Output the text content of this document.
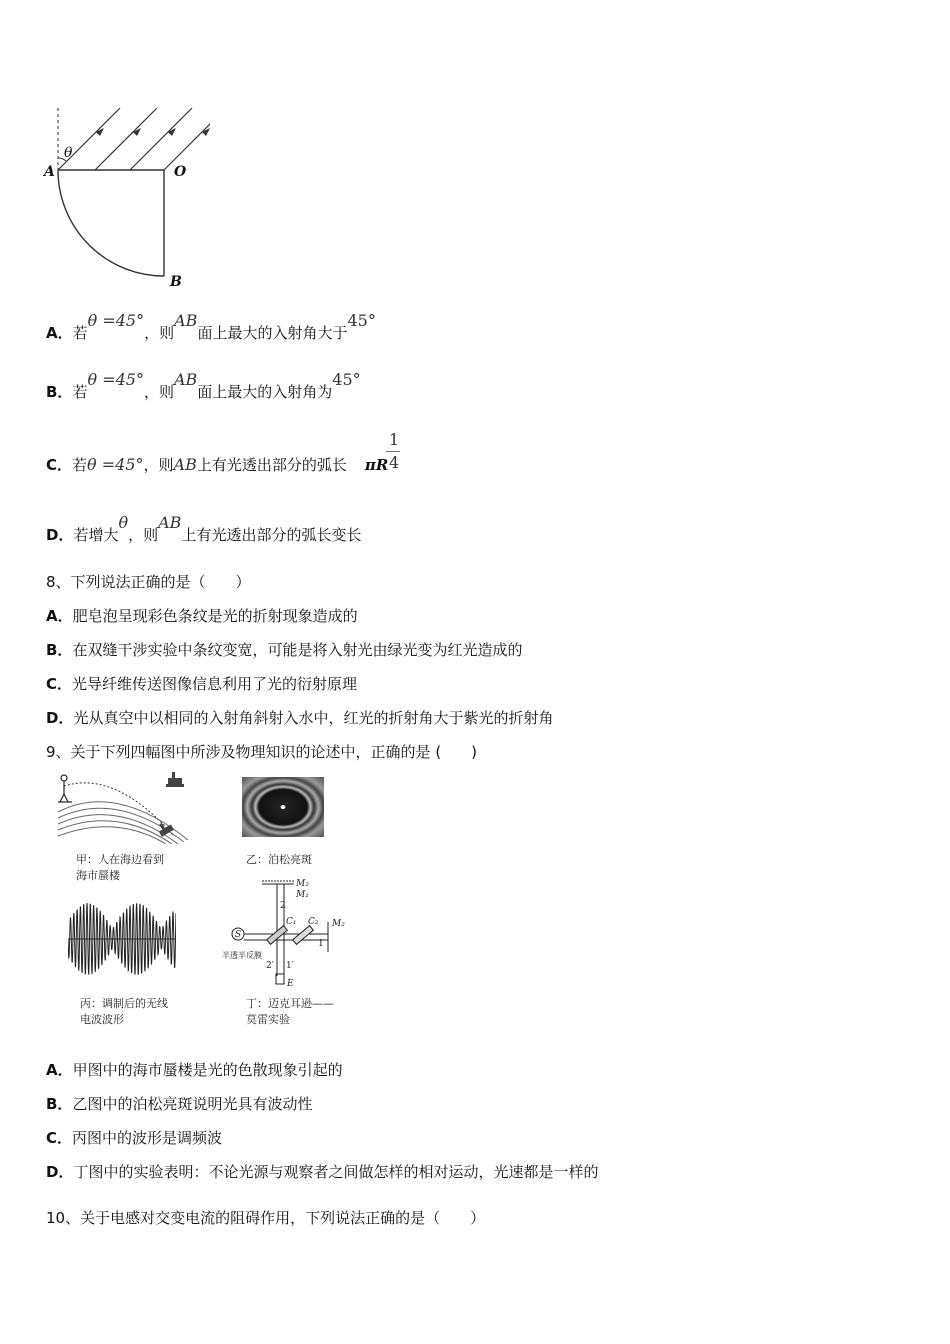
θ
A	O
B
A．若θ =45°，则AB面上最大的入射角大于45°
B．若θ =45°，则AB面上最大的入射角为45°
C．若θ =45°，则AB上有光透出部分的弧长 πR
1
4
D．若增大θ，则AB上有光透出部分的弧长变长
8、下列说法正确的是（　　）
A．肥皂泡呈现彩色条纹是光的折射现象造成的
B．在双缝干涉实验中条纹变宽，可能是将入射光由绿光变为红光造成的
C．光导纤维传送图像信息利用了光的衍射原理
D．光从真空中以相同的入射角斜射入水中，红光的折射角大于紫光的折射角
9、关于下列四幅图中所涉及物理知识的论述中，正确的是 (　　)
甲：人在海边看到
海市蜃楼
乙：泊松亮斑
丙：调制后的无线
电波波形
M₂
M₁
C₁ C₂ M₂
S
E
2
1
2′ 1′
半透半反膜
丁：迈克耳逊——
莫雷实验
A．甲图中的海市蜃楼是光的色散现象引起的
B．乙图中的泊松亮斑说明光具有波动性
C．丙图中的波形是调频波
D．丁图中的实验表明：不论光源与观察者之间做怎样的相对运动，光速都是一样的
10、关于电感对交变电流的阻碍作用，下列说法正确的是（　　）
